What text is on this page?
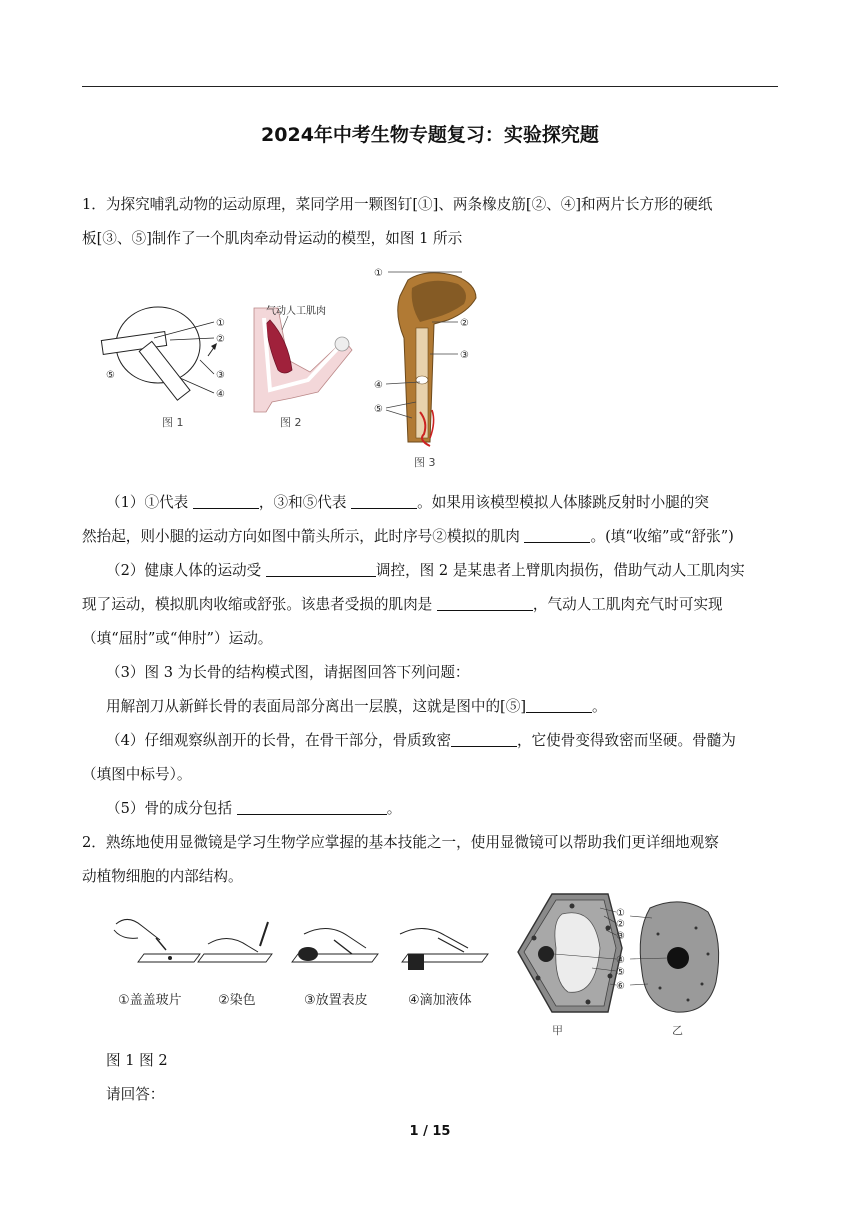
2024年中考生物专题复习：实验探究题
1．为探究哺乳动物的运动原理，菜同学用一颗图钉[①]、两条橡皮筋[②、④]和两片长方形的硬纸
板[③、⑤]制作了一个肌肉牵动骨运动的模型，如图 1 所示
①
②
③
④
⑤
图 1
气动人工肌肉
图 2
①
②
③
④
⑤
图 3
（1）①代表	，③和⑤代表	。如果用该模型模拟人体膝跳反射时小腿的突
然抬起，则小腿的运动方向如图中箭头所示，此时序号②模拟的肌肉	。(填“收缩”或“舒张”)
（2）健康人体的运动受	调控，图 2 是某患者上臂肌肉损伤，借助气动人工肌肉实
现了运动，模拟肌肉收缩或舒张。该患者受损的肌肉是	，气动人工肌肉充气时可实现
（填“屈肘”或“伸肘”）运动。
（3）图 3 为长骨的结构模式图，请据图回答下列问题：
用解剖刀从新鲜长骨的表面局部分离出一层膜，这就是图中的[⑤]	。
（4）仔细观察纵剖开的长骨，在骨干部分，骨质致密	，它使骨变得致密而坚硬。骨髓为
（填图中标号）。
（5）骨的成分包括	。
2．熟练地使用显微镜是学习生物学应掌握的基本技能之一，使用显微镜可以帮助我们更详细地观察
动植物细胞的内部结构。
①盖盖玻片	②染色	③放置表皮	④滴加液体
①
②
③
④
⑤
⑥
甲	乙
图 1 图 2
请回答：
1 / 15
